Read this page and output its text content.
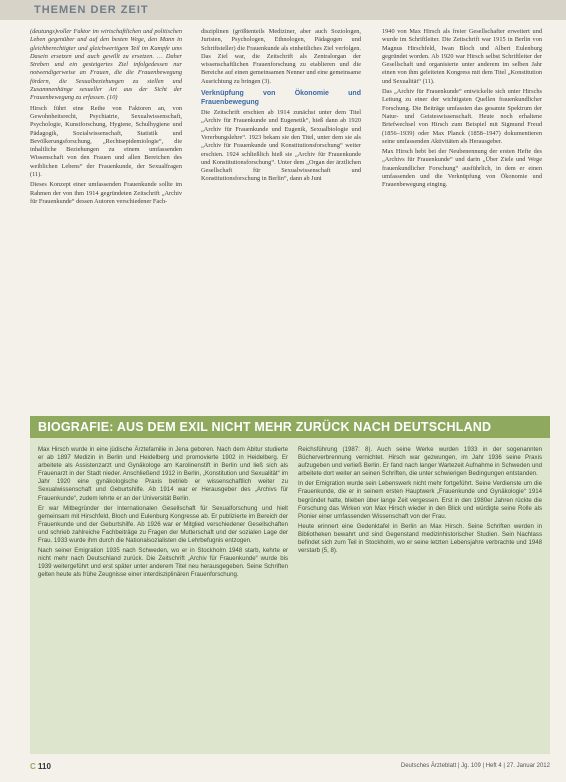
THEMEN DER ZEIT

(deutungs)voller Faktor im wirtschaftlichen und politischen Leben gegenüber und auf den besten Wege, den Mann in gleichberechtigter und gleichwertigem Teil im Kampfe ums Dasein ersetzen und auch gewillt zu ersetzen. … Daher Streben und ein gesteigertes Ziel infolgedessen nur notwendigerweise an Frauen, die die Frauenbewegung fördern, die Sexualbeziehungen zu stellen und Zusammenhänge sexueller Art aus der Sicht der Frauenbewegung zu erfassen. (10)

Hirsch führt eine Reihe von Faktoren an, von Gewohnheitsrecht, Psychiatrie, Sexualwissenschaft, Psychologie, Kunstforschung, Hygiene, Schulhygiene und Pädagogik, Sozialwissenschaft, Statistik und Bevölkerungsforschung, „Rechtsepidemiologie“, die inhaltliche Beziehungen zu einem umfassenden Wissenschaft von den Frauen und allen Bereichen des weiblichen Lebens“ der Frauenkunde, der Sexualfragen (11).

Dieses Konzept einer umfassenden Frauenkunde sollte im Rahmen der von ihm 1914 gegründeten Zeitschrift „Archiv für Frauenkunde“ dessen Autoren verschiedener Fach-

disziplinen (größtenteils Mediziner, aber auch Soziologen, Juristen, Psychologen, Ethnologen, Pädagogen und Schriftsteller) die Frauenkunde als einheitliches Ziel verfolgen. Das Ziel war, die Zeitschrift als Zentralorgan der wissenschaftlichen Frauenforschung zu etablieren und die Bereiche auf einen gemeinsamen Nenner und eine gemeinsame Ausrichtung zu bringen (3).

Verknüpfung von Ökonomie und Frauenbewegung

Die Zeitschrift erschien ab 1914 zunächst unter dem Titel „Archiv für Frauenkunde und Eugenetik“, hieß dann ab 1920 „Archiv für Frauenkunde und Eugenik, Sexualbiologie und Vererbungslehre“. 1923 bekam sie den Titel, unter dem sie als „Archiv für Frauenkunde und Konstitutionsforschung“ weiter erschien. 1924 schließlich hieß sie „Archiv für Frauenkunde und Konstitutionsforschung“. Unter dem „Organ der ärztlichen Gesellschaft für Sexualwissenschaft und Konstitutionsforschung in Berlin“, dann ab Juni

1940 von Max Hirsch als freier Gesellschafter erweitert und wurde im Schriftleiter. Die Zeitschrift war 1915 in Berlin von Magnus Hirschfeld, Iwan Bloch und Albert Eulenburg gegründet worden. Ab 1920 war Hirsch selbst Schriftleiter der Gesellschaft und organisierte unter anderem im selben Jahr einen von ihm geleiteten Kongress mit dem Titel „Konstitution und Sexualität“ (11).

Das „Archiv für Frauenkunde“ entwickelte sich unter Hirschs Leitung zu einer der wichtigsten Quellen frauenkundlicher Forschung. Die Beiträge umfassten das gesamte Spektrum der Natur- und Geisteswissenschaft. Heute noch erhaltene Briefwechsel von Hirsch zum Beispiel mit Sigmund Freud (1856–1939) oder Max Planck (1858–1947) dokumentieren seine umfassenden Aktivitäten als Herausgeber.

Max Hirsch hebt bei der Neubenennung der ersten Hefte des „Archivs für Frauenkunde“ und darin „Über Ziele und Wege frauenkundlicher Forschung“ ausführlich, in dem er einen umfassenden und die Verknüpfung von Ökonomie und Frauenbewegung einging.

BIOGRAFIE: AUS DEM EXIL NICHT MEHR ZURÜCK NACH DEUTSCHLAND

Max Hirsch wurde in eine jüdische Ärztefamilie in Jena geboren. Nach dem Abitur studierte er ab 1897 Medizin in Berlin und Heidelberg und promovierte 1902 in Heidelberg. Er arbeitete als Assistenzarzt und Gynäkologe am Karolinenstift in Berlin und ließ sich als Frauenarzt in der Stadt nieder. Anschließend 1912 in Berlin, „Konstitution und Sexualität“ im Jahr 1920 eine gynäkologische Praxis betrieb er wissenschaftlich weiter zu Sexualwissenschaft und Geburtshilfe. Ab 1914 war er Herausgeber des „Archivs für Frauenkunde“, zudem lehrte er an der Universität Berlin.

Er war Mitbegründer der Internationalen Gesellschaft für Sexualforschung und hielt gemeinsam mit Hirschfeld, Bloch und Eulenburg Kongresse ab. Er publizierte im Bereich der Frauenkunde und der Geburtshilfe. Ab 1926 war er Mitglied verschiedener Gesellschaften und schrieb zahlreiche Fachbeiträge zu Fragen der Mutterschaft und der sozialen Lage der Frau. 1933 wurde ihm durch die Nationalsozialisten die Lehrbefugnis entzogen.

Nach seiner Emigration 1935 nach Schweden, wo er in Stockholm 1948 starb, kehrte er nicht mehr nach Deutschland zurück. Die Zeitschrift „Archiv für Frauenkunde“ wurde bis 1939 weitergeführt und erst später unter anderem Titel neu herausgegeben. Seine Schriften gelten heute als frühe Zeugnisse einer interdisziplinären Frauenforschung.

Reichsführung (1987: 8). Auch seine Werke wurden 1933 in der sogenannten Bücherverbrennung vernichtet. Hirsch war gezwungen, im Jahr 1936 seine Praxis aufzugeben und verließ Berlin. Er fand nach langer Wartezeit Aufnahme in Schweden und arbeitete dort weiter an seinen Schriften, die unter schwierigen Bedingungen entstanden.

In der Emigration wurde sein Lebenswerk nicht mehr fortgeführt. Seine Verdienste um die Frauenkunde, die er in seinem ersten Hauptwerk „Frauenkunde und Gynäkologie“ 1914 begründet hatte, blieben über lange Zeit vergessen. Erst in den 1980er Jahren rückte die Forschung das Wirken von Max Hirsch wieder in den Blick und würdigte seine Rolle als Pionier einer umfassenden Wissenschaft von der Frau.

Heute erinnert eine Gedenktafel in Berlin an Max Hirsch. Seine Schriften werden in Bibliotheken bewahrt und sind Gegenstand medizinhistorischer Studien. Sein Nachlass befindet sich zum Teil in Stockholm, wo er seine letzten Lebensjahre verbrachte und 1948 verstarb (5, 8).

C 110	Deutsches Ärzteblatt | Jg. 109 | Heft 4 | 27. Januar 2012
